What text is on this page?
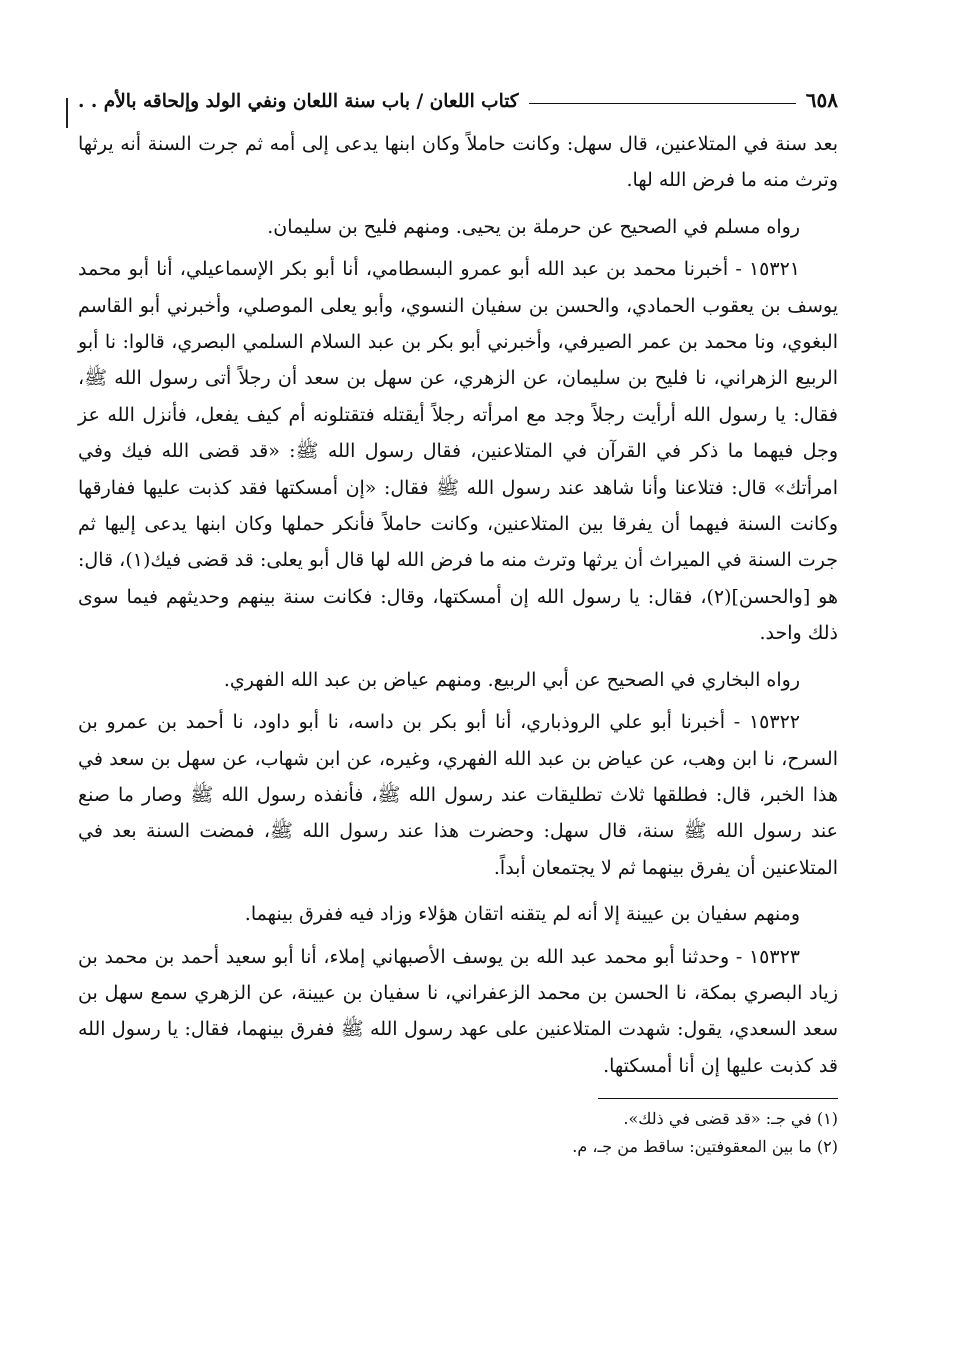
٦٥٨
كتاب اللعان / باب سنة اللعان ونفي الولد وإلحاقه بالأم . .

بعد سنة في المتلاعنين، قال سهل: وكانت حاملاً وكان ابنها يدعى إلى أمه ثم جرت السنة أنه يرثها وترث منه ما فرض الله لها.

رواه مسلم في الصحيح عن حرملة بن يحيى. ومنهم فليح بن سليمان.

١٥٣٢١ - أخبرنا محمد بن عبد الله أبو عمرو البسطامي، أنا أبو بكر الإسماعيلي، أنا أبو محمد يوسف بن يعقوب الحمادي، والحسن بن سفيان النسوي، وأبو يعلى الموصلي، وأخبرني أبو القاسم البغوي، ونا محمد بن عمر الصيرفي، وأخبرني أبو بكر بن عبد السلام السلمي البصري، قالوا: نا أبو الربيع الزهراني، نا فليح بن سليمان، عن الزهري، عن سهل بن سعد أن رجلاً أتى رسول الله ﷺ، فقال: يا رسول الله أرأيت رجلاً وجد مع امرأته رجلاً أيقتله فتقتلونه أم كيف يفعل، فأنزل الله عز وجل فيهما ما ذكر في القرآن في المتلاعنين، فقال رسول الله ﷺ: «قد قضى الله فيك وفي امرأتك» قال: فتلاعنا وأنا شاهد عند رسول الله ﷺ فقال: «إن أمسكتها فقد كذبت عليها ففارقها وكانت السنة فيهما أن يفرقا بين المتلاعنين، وكانت حاملاً فأنكر حملها وكان ابنها يدعى إليها ثم جرت السنة في الميراث أن يرثها وترث منه ما فرض الله لها قال أبو يعلى: قد قضى فيك(١)، قال: هو [والحسن](٢)، فقال: يا رسول الله إن أمسكتها، وقال: فكانت سنة بينهم وحديثهم فيما سوى ذلك واحد.

رواه البخاري في الصحيح عن أبي الربيع. ومنهم عياض بن عبد الله الفهري.

١٥٣٢٢ - أخبرنا أبو علي الروذباري، أنا أبو بكر بن داسه، نا أبو داود، نا أحمد بن عمرو بن السرح، نا ابن وهب، عن عياض بن عبد الله الفهري، وغيره، عن ابن شهاب، عن سهل بن سعد في هذا الخبر، قال: فطلقها ثلاث تطليقات عند رسول الله ﷺ، فأنفذه رسول الله ﷺ وصار ما صنع عند رسول الله ﷺ سنة، قال سهل: وحضرت هذا عند رسول الله ﷺ، فمضت السنة بعد في المتلاعنين أن يفرق بينهما ثم لا يجتمعان أبداً.

ومنهم سفيان بن عيينة إلا أنه لم يتقنه اتقان هؤلاء وزاد فيه ففرق بينهما.

١٥٣٢٣ - وحدثنا أبو محمد عبد الله بن يوسف الأصبهاني إملاء، أنا أبو سعيد أحمد بن محمد بن زياد البصري بمكة، نا الحسن بن محمد الزعفراني، نا سفيان بن عيينة، عن الزهري سمع سهل بن سعد السعدي، يقول: شهدت المتلاعنين على عهد رسول الله ﷺ ففرق بينهما، فقال: يا رسول الله قد كذبت عليها إن أنا أمسكتها.

(١) في جـ: «قد قضى في ذلك».

(٢) ما بين المعقوفتين: ساقط من جـ، م.
